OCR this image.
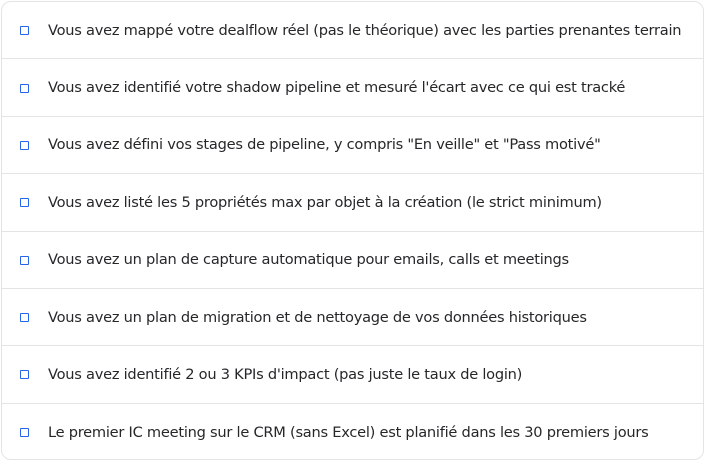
Vous avez mappé votre dealflow réel (pas le théorique) avec les parties prenantes terrain
Vous avez identifié votre shadow pipeline et mesuré l'écart avec ce qui est tracké
Vous avez défini vos stages de pipeline, y compris "En veille" et "Pass motivé"
Vous avez listé les 5 propriétés max par objet à la création (le strict minimum)
Vous avez un plan de capture automatique pour emails, calls et meetings
Vous avez un plan de migration et de nettoyage de vos données historiques
Vous avez identifié 2 ou 3 KPIs d'impact (pas juste le taux de login)
Le premier IC meeting sur le CRM (sans Excel) est planifié dans les 30 premiers jours
